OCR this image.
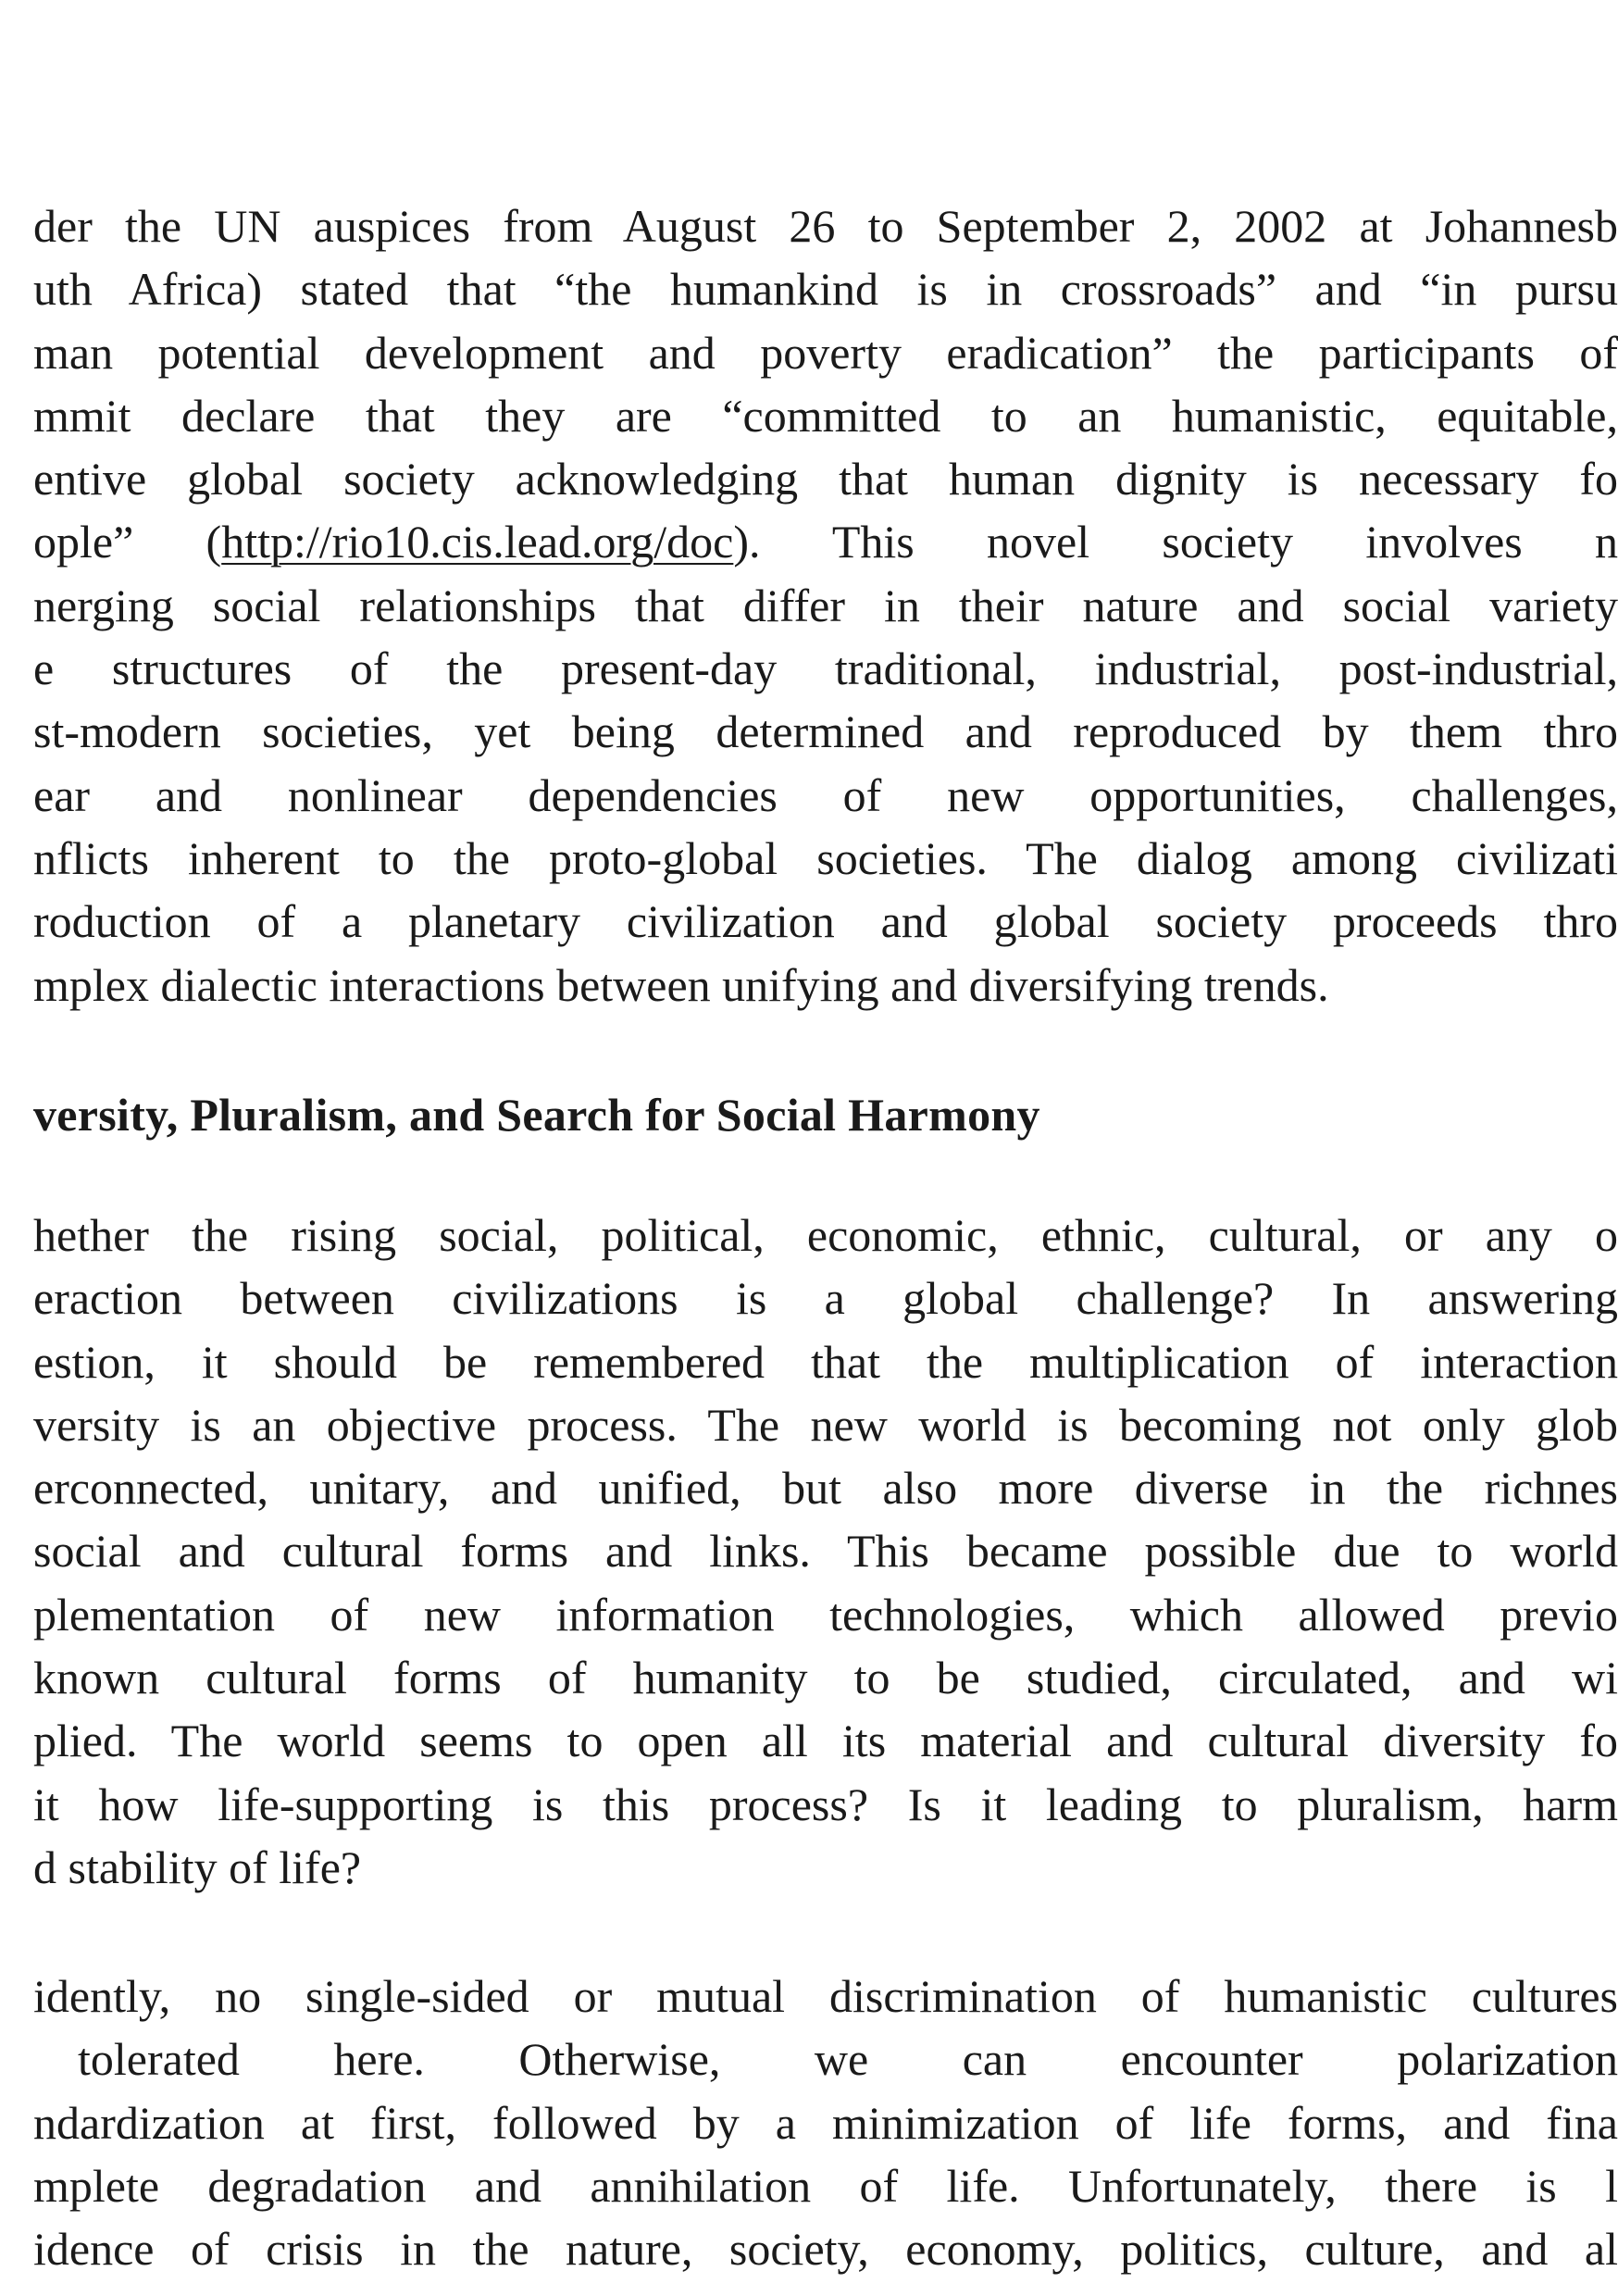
der the UN auspices from August 26 to September 2, 2002 at Johannesb
uth Africa) stated that “the humankind is in crossroads” and “in pursu
man potential development and poverty eradication” the participants of
mmit declare that they are “committed to an humanistic, equitable,
entive global society acknowledging that human dignity is necessary fo
ople” (http://rio10.cis.lead.org/doc). This novel society involves n
nerging social relationships that differ in their nature and social variety
e structures of the present-day traditional, industrial, post-industrial,
st-modern societies, yet being determined and reproduced by them thro
ear and nonlinear dependencies of new opportunities, challenges,
nflicts inherent to the proto-global societies. The dialog among civilizati
roduction of a planetary civilization and global society proceeds thro
mplex dialectic interactions between unifying and diversifying trends.
versity, Pluralism, and Search for Social Harmony
hether the rising social, political, economic, ethnic, cultural, or any o
eraction between civilizations is a global challenge? In answering
estion, it should be remembered that the multiplication of interaction
versity is an objective process. The new world is becoming not only glob
erconnected, unitary, and unified, but also more diverse in the richnes
social and cultural forms and links. This became possible due to world
plementation of new information technologies, which allowed previo
known cultural forms of humanity to be studied, circulated, and wi
plied. The world seems to open all its material and cultural diversity fo
it how life-supporting is this process? Is it leading to pluralism, harm
d stability of life?
idently, no single-sided or mutual discrimination of humanistic cultures
tolerated here. Otherwise, we can encounter polarization
ndardization at first, followed by a minimization of life forms, and fina
mplete degradation and annihilation of life. Unfortunately, there is l
idence of crisis in the nature, society, economy, politics, culture, and al
